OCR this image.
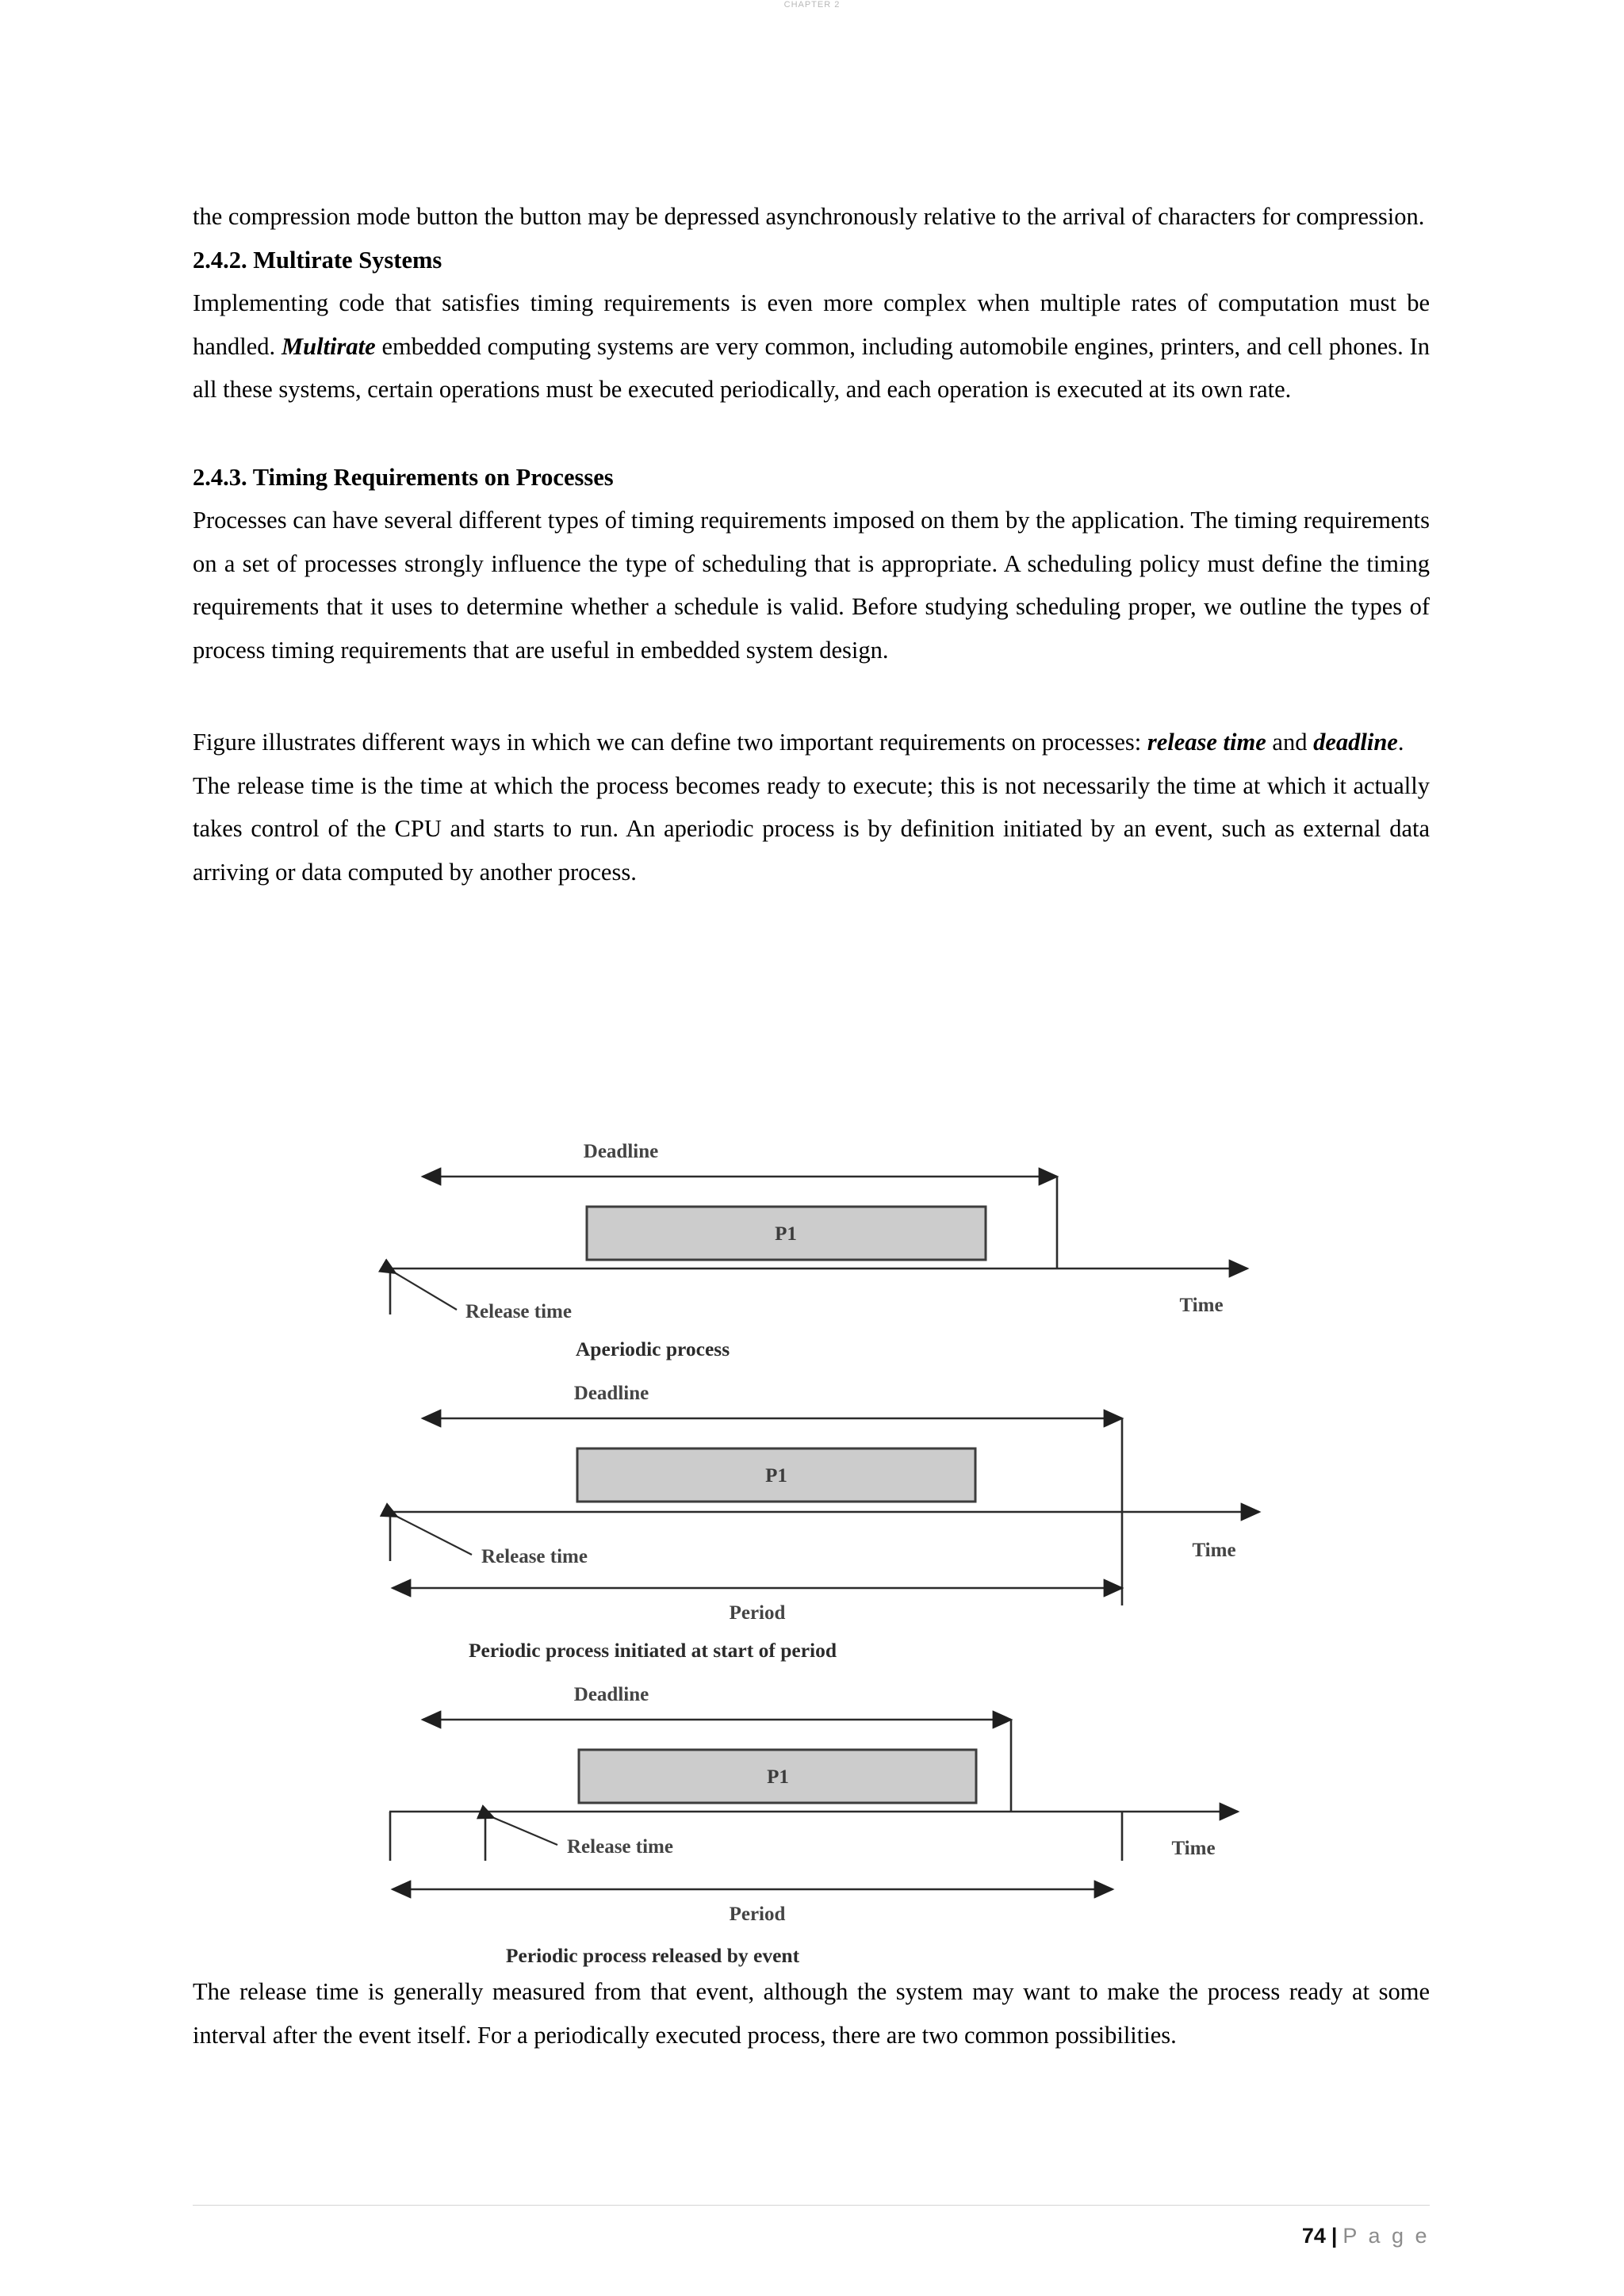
CHAPTER 2

the compression mode button the button may be depressed asynchronously relative to the arrival of characters for compression.

2.4.2. Multirate Systems

Implementing code that satisfies timing requirements is even more complex when multiple rates of computation must be handled. Multirate embedded computing systems are very common, including automobile engines, printers, and cell phones. In all these systems, certain operations must be executed periodically, and each operation is executed at its own rate.

2.4.3. Timing Requirements on Processes

Processes can have several different types of timing requirements imposed on them by the application. The timing requirements on a set of processes strongly influence the type of scheduling that is appropriate. A scheduling policy must define the timing requirements that it uses to determine whether a schedule is valid. Before studying scheduling proper, we outline the types of process timing requirements that are useful in embedded system design.

Figure illustrates different ways in which we can define two important requirements on processes: release time and deadline.

The release time is the time at which the process becomes ready to execute; this is not necessarily the time at which it actually takes control of the CPU and starts to run. An aperiodic process is by definition initiated by an event, such as external data arriving or data computed by another process.

Deadline
P1
Release time	Time
Aperiodic process
Deadline
P1
Release time	Time
Period
Periodic process initiated at start of period
Deadline
P1
Release time	Time
Period
Periodic process released by event

The release time is generally measured from that event, although the system may want to make the process ready at some interval after the event itself. For a periodically executed process, there are two common possibilities.

74 | P a g e
